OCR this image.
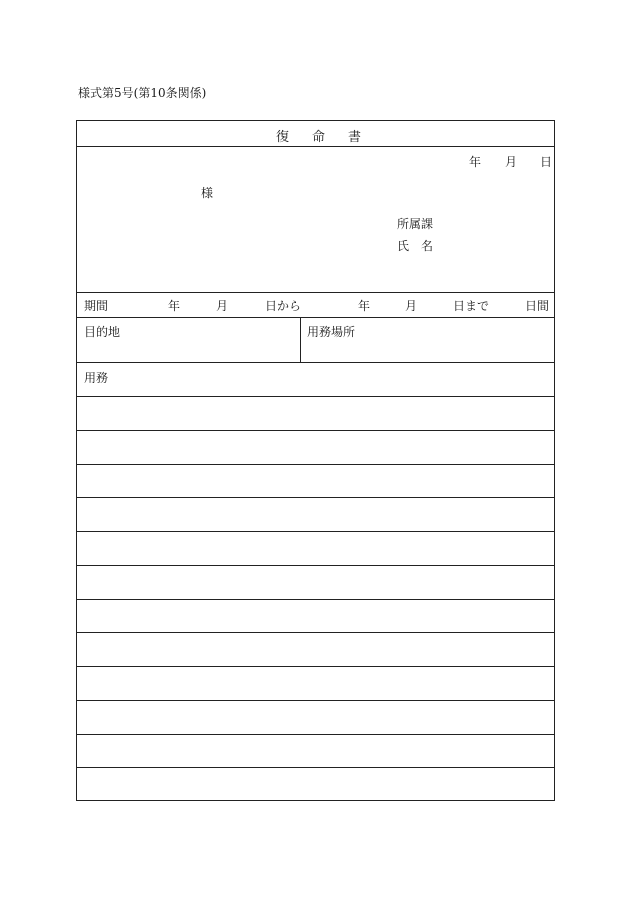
様式第5号(第10条関係)
復 命 書
年 月 日
様
所属課
氏 名
期間	年	月	日から	年	月	日まで	日間
目的地	用務場所
用務
